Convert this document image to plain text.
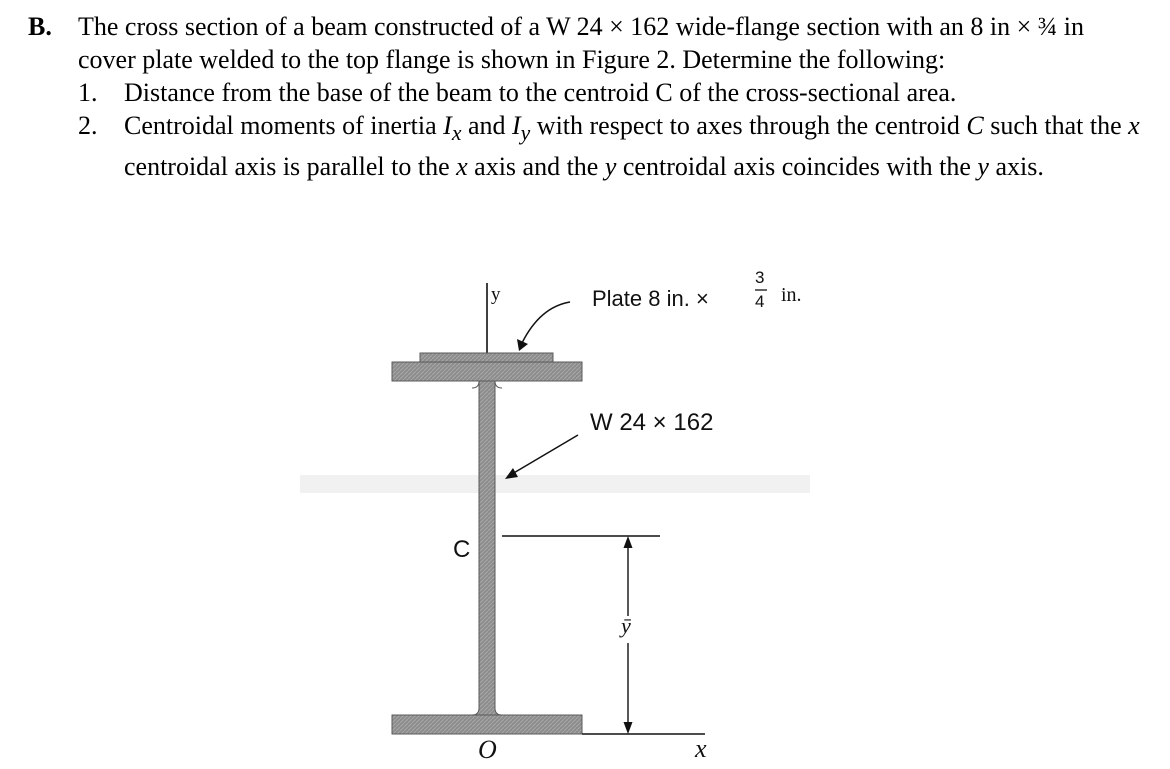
B.	The cross section of a beam constructed of a W 24 × 162 wide-flange section with an 8 in × ¾ in cover plate welded to the top flange is shown in Figure 2. Determine the following:
1.	Distance from the base of the beam to the centroid C of the cross-sectional area.
2.	Centroidal moments of inertia $I_x$ and $I_y$ with respect to axes through the centroid C such that the x centroidal axis is parallel to the x axis and the y centroidal axis coincides with the y axis.
y	Plate 8 in. ×
3
4 in.
W 24 × 162
C
ȳ
O	x
